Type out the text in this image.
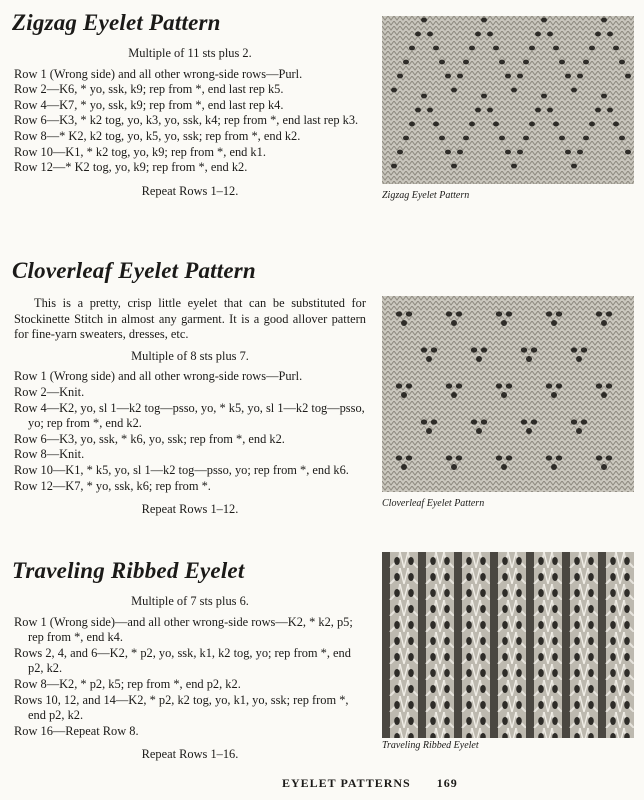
Zigzag Eyelet Pattern

Multiple of 11 sts plus 2.

Row 1 (Wrong side) and all other wrong-side rows—Purl.

Row 2—K6, * yo, ssk, k9; rep from *, end last rep k5.

Row 4—K7, * yo, ssk, k9; rep from *, end last rep k4.

Row 6—K3, * k2 tog, yo, k3, yo, ssk, k4; rep from *, end last rep k3.

Row 8—* K2, k2 tog, yo, k5, yo, ssk; rep from *, end k2.

Row 10—K1, * k2 tog, yo, k9; rep from *, end k1.

Row 12—* K2 tog, yo, k9; rep from *, end k2.

Repeat Rows 1–12.	Zigzag Eyelet Pattern
Cloverleaf Eyelet Pattern

This is a pretty, crisp little eyelet that can be substituted for Stockinette Stitch in almost any garment. It is a good allover pattern for fine-yarn sweaters, dresses, etc.

Multiple of 8 sts plus 7.

Row 1 (Wrong side) and all other wrong-side rows—Purl.

Row 2—Knit.

Row 4—K2, yo, sl 1—k2 tog—psso, yo, * k5, yo, sl 1—k2 tog—psso, yo; rep from *, end k2.

Row 6—K3, yo, ssk, * k6, yo, ssk; rep from *, end k2.

Row 8—Knit.

Row 10—K1, * k5, yo, sl 1—k2 tog—psso, yo; rep from *, end k6.

Row 12—K7, * yo, ssk, k6; rep from *.

Repeat Rows 1–12.	Cloverleaf Eyelet Pattern
Traveling Ribbed Eyelet

Multiple of 7 sts plus 6.

Row 1 (Wrong side)—and all other wrong-side rows—K2, * k2, p5; rep from *, end k4.

Rows 2, 4, and 6—K2, * p2, yo, ssk, k1, k2 tog, yo; rep from *, end p2, k2.

Row 8—K2, * p2, k5; rep from *, end p2, k2.

Rows 10, 12, and 14—K2, * p2, k2 tog, yo, k1, yo, ssk; rep from *, end p2, k2.

Row 16—Repeat Row 8.

Repeat Rows 1–16.

Traveling Ribbed Eyelet
EYELET PATTERNS 169
